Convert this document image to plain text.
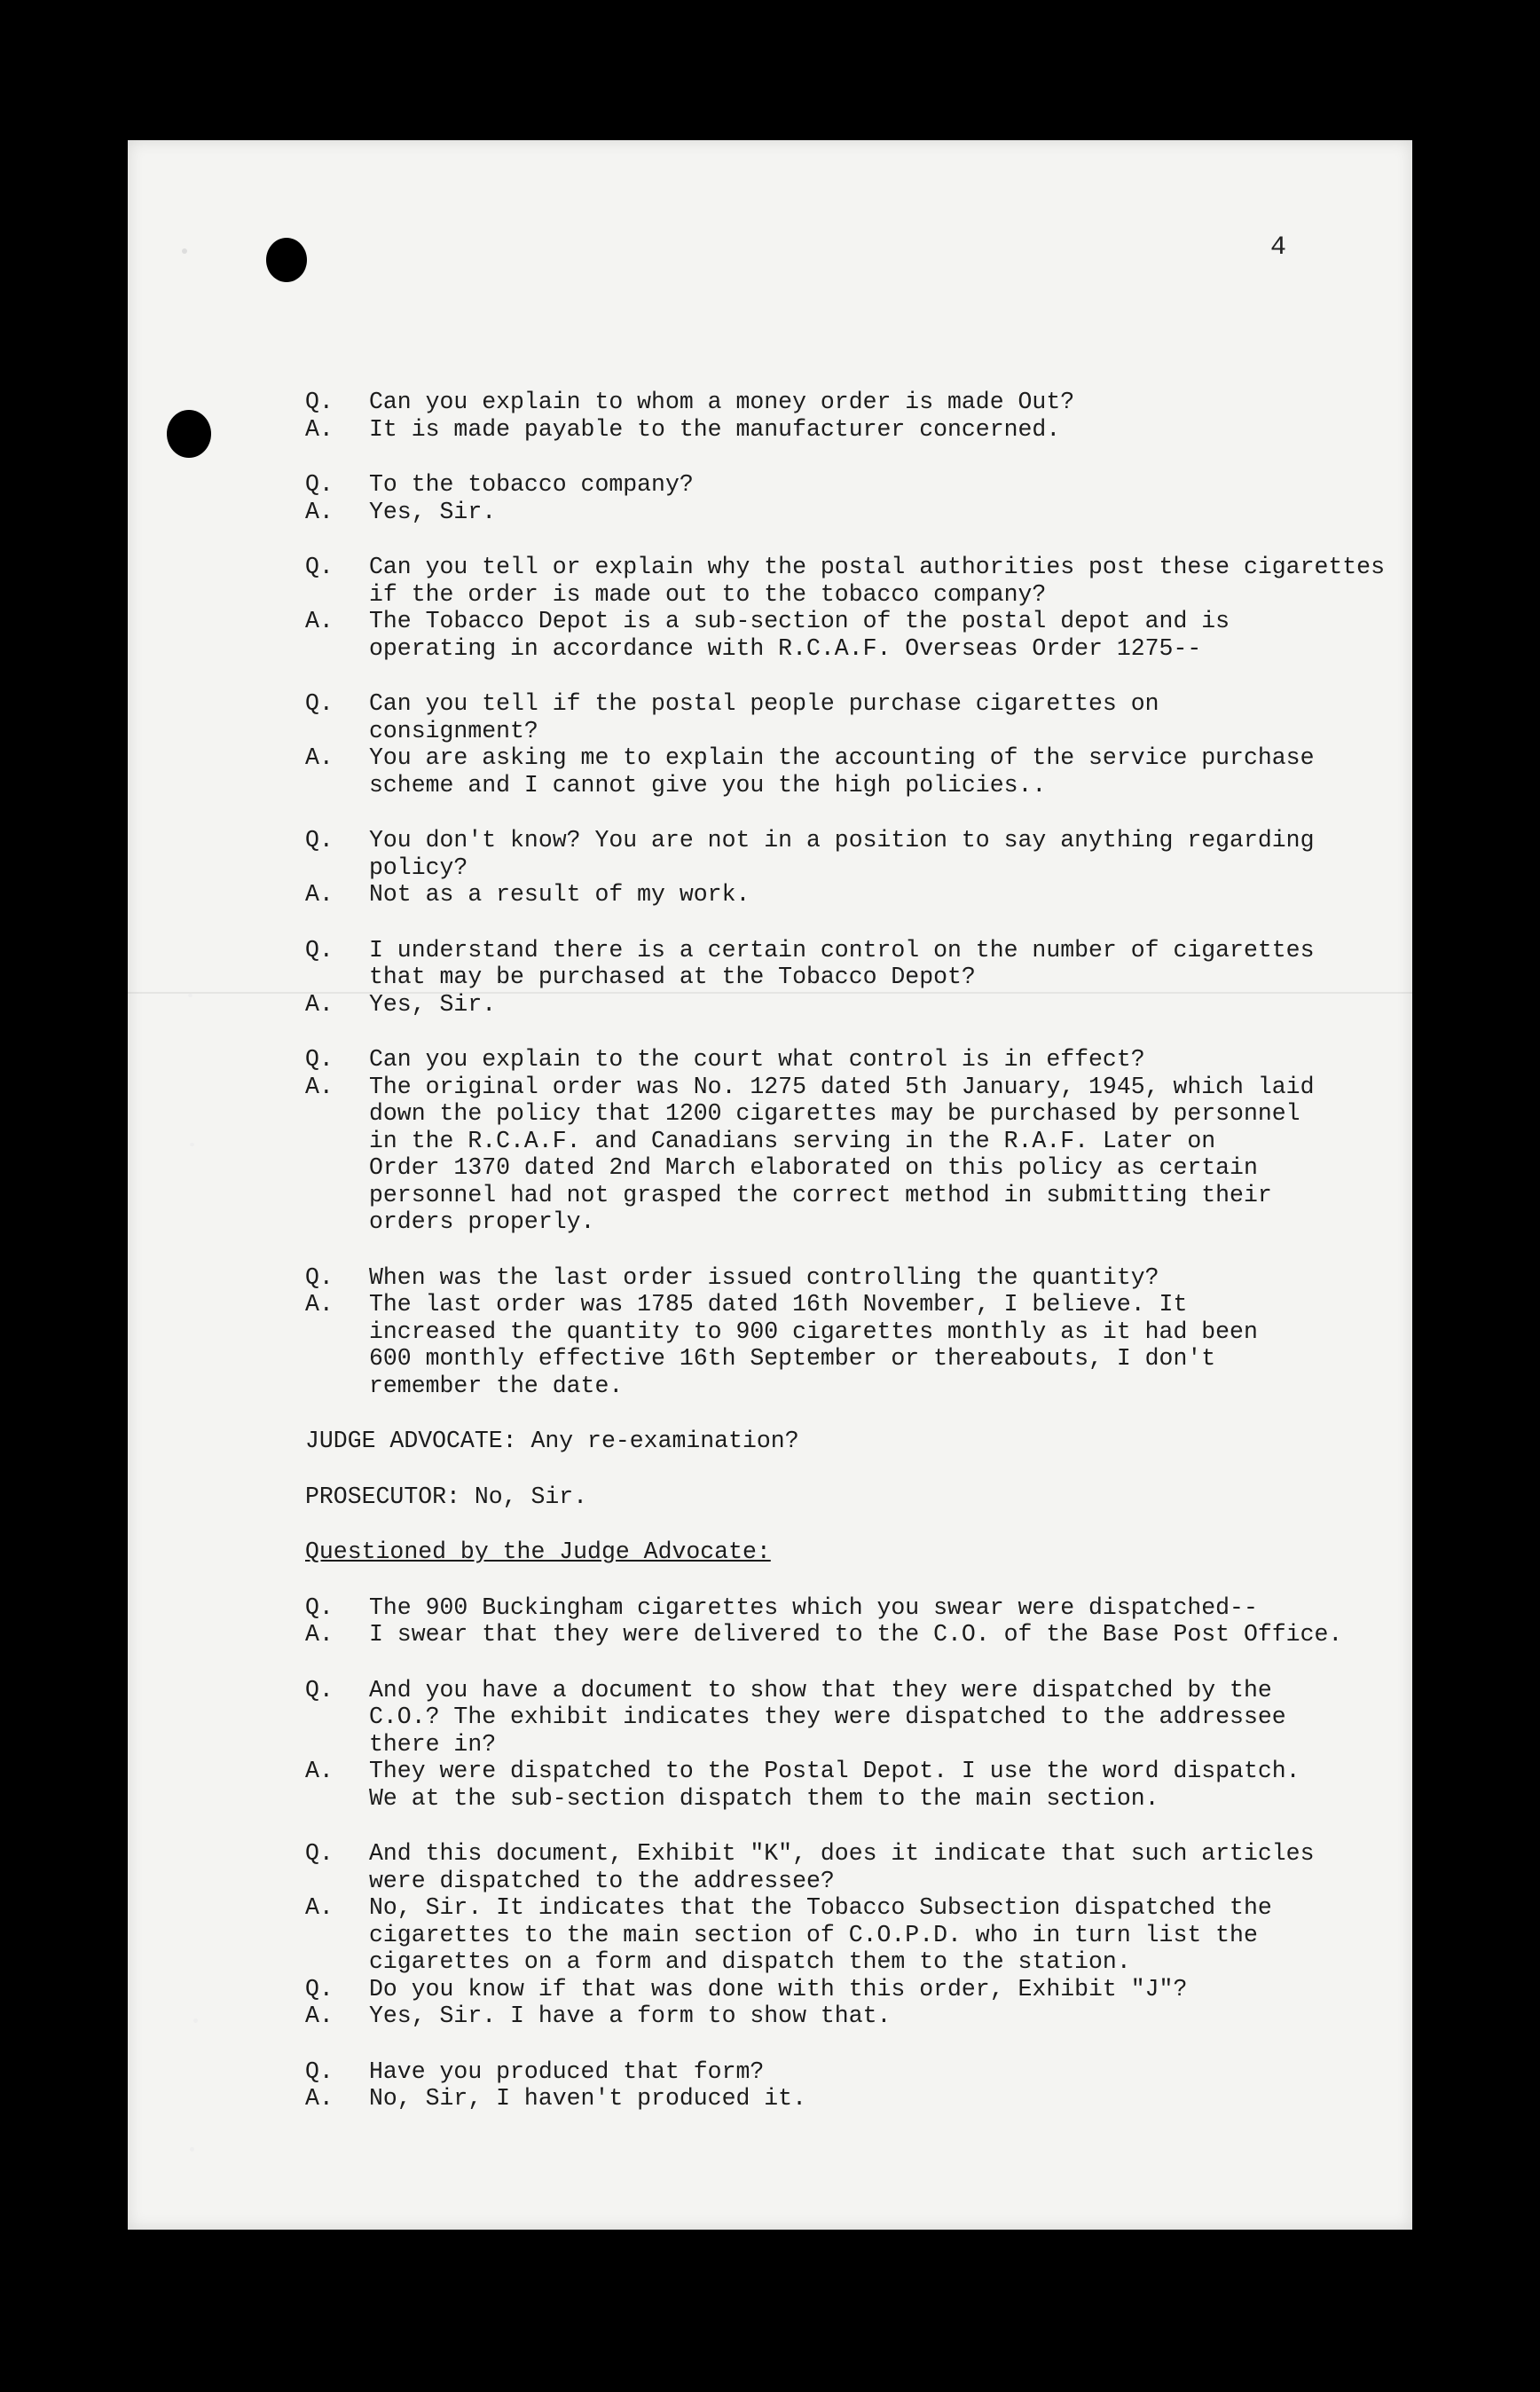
4
Q.	Can you explain to whom a money order is made Out?
A.	It is made payable to the manufacturer concerned.
Q.	To the tobacco company?
A.	Yes, Sir.
Q.	Can you tell or explain why the postal authorities post these cigarettes
if the order is made out to the tobacco company?
A.	The Tobacco Depot is a sub-section of the postal depot and is
operating in accordance with R.C.A.F. Overseas Order 1275--
Q.	Can you tell if the postal people purchase cigarettes on
consignment?
A.	You are asking me to explain the accounting of the service purchase
scheme and I cannot give you the high policies..
Q.	You don't know? You are not in a position to say anything regarding policy?
A.	Not as a result of my work.
Q.	I understand there is a certain control on the number of cigarettes
that may be purchased at the Tobacco Depot?
A.	Yes, Sir.
Q.	Can you explain to the court what control is in effect?
A.	The original order was No. 1275 dated 5th January, 1945, which laid
down the policy that 1200 cigarettes may be purchased by personnel
in the R.C.A.F. and Canadians serving in the R.A.F. Later on
Order 1370 dated 2nd March elaborated on this policy as certain
personnel had not grasped the correct method in submitting their
orders properly.
Q.	When was the last order issued controlling the quantity?
A.	The last order was 1785 dated 16th November, I believe. It
increased the quantity to 900 cigarettes monthly as it had been
600 monthly effective 16th September or thereabouts, I don't
remember the date.
JUDGE ADVOCATE: Any re-examination?
PROSECUTOR: No, Sir.
Questioned by the Judge Advocate:
Q.	The 900 Buckingham cigarettes which you swear were dispatched--
A.	I swear that they were delivered to the C.O. of the Base Post Office.
Q.	And you have a document to show that they were dispatched by the
C.O.? The exhibit indicates they were dispatched to the addressee
there in?
A.	They were dispatched to the Postal Depot. I use the word dispatch.
We at the sub-section dispatch them to the main section.
Q.	And this document, Exhibit "K", does it indicate that such articles
were dispatched to the addressee?
A.	No, Sir. It indicates that the Tobacco Subsection dispatched the
cigarettes to the main section of C.O.P.D. who in turn list the
cigarettes on a form and dispatch them to the station.
Q.	Do you know if that was done with this order, Exhibit "J"?
A.	Yes, Sir. I have a form to show that.
Q.	Have you produced that form?
A.	No, Sir, I haven't produced it.
